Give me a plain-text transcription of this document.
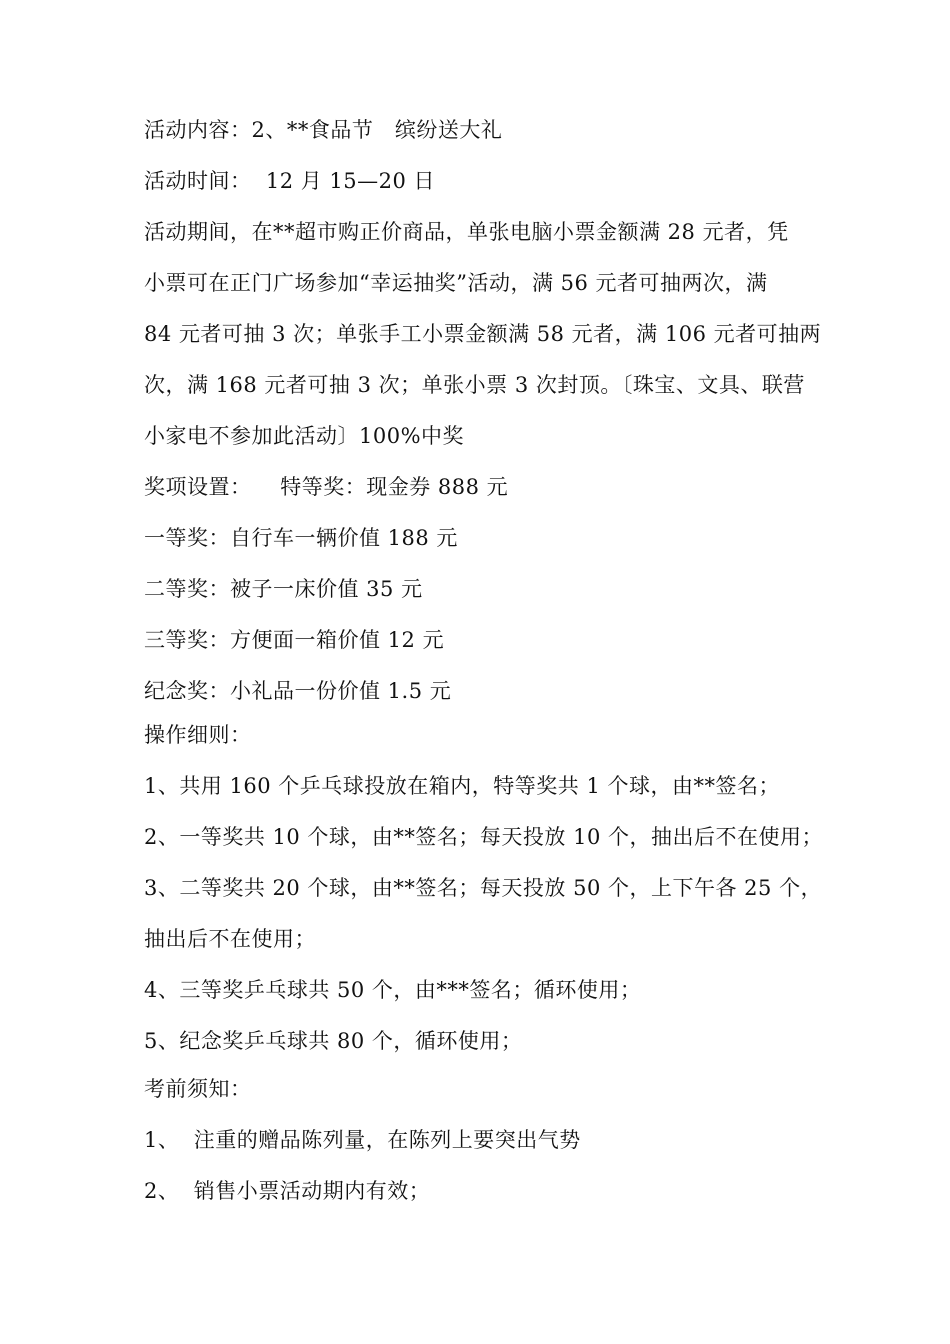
活动内容：2、**食品节   缤纷送大礼
活动时间：  12 月 15—20 日
活动期间，在**超市购正价商品，单张电脑小票金额满 28 元者，凭
小票可在正门广场参加“幸运抽奖”活动，满 56 元者可抽两次，满
84 元者可抽 3 次；单张手工小票金额满 58 元者，满 106 元者可抽两
次，满 168 元者可抽 3 次；单张小票 3 次封顶。〔珠宝、文具、联营
小家电不参加此活动〕100%中奖
奖项设置：    特等奖：现金券 888 元
一等奖：自行车一辆价值 188 元
二等奖：被子一床价值 35 元
三等奖：方便面一箱价值 12 元
纪念奖：小礼品一份价值 1.5 元
操作细则：
1、共用 160 个乒乓球投放在箱内，特等奖共 1 个球，由**签名；
2、一等奖共 10 个球，由**签名；每天投放 10 个，抽出后不在使用；
3、二等奖共 20 个球，由**签名；每天投放 50 个，上下午各 25 个，
抽出后不在使用；
4、三等奖乒乓球共 50 个，由***签名；循环使用；
5、纪念奖乒乓球共 80 个，循环使用；
考前须知：
1、  注重的赠品陈列量，在陈列上要突出气势
2、  销售小票活动期内有效；
